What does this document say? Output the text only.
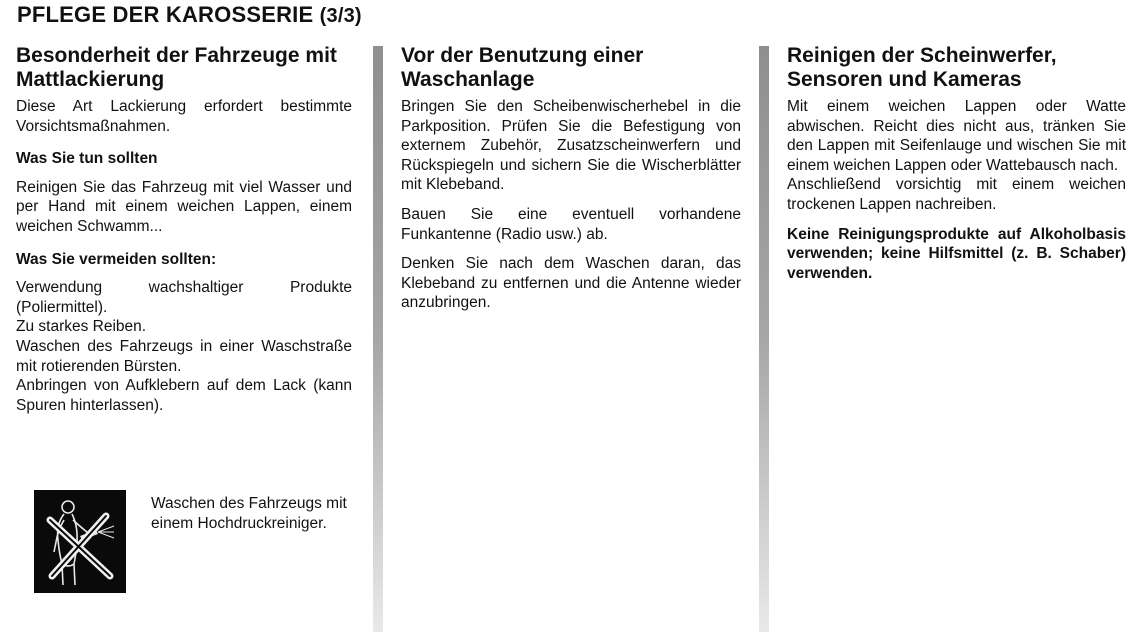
PFLEGE DER KAROSSERIE (3/3)
Besonderheit der Fahrzeuge mit Mattlackierung

Diese Art Lackierung erfordert bestimmte Vorsichtsmaßnahmen.

Was Sie tun sollten

Reinigen Sie das Fahrzeug mit viel Wasser und per Hand mit einem weichen Lappen, einem weichen Schwamm...

Was Sie vermeiden sollten:

Verwendung wachshaltiger Produkte (Poliermittel).

Zu starkes Reiben.

Waschen des Fahrzeugs in einer Waschstraße mit rotierenden Bürsten.

Anbringen von Aufklebern auf dem Lack (kann Spuren hinterlassen).

Waschen des Fahrzeugs mit einem Hochdruckreiniger.
Vor der Benutzung einer Waschanlage

Bringen Sie den Scheibenwischerhebel in die Parkposition. Prüfen Sie die Befestigung von externem Zubehör, Zusatzscheinwerfern und Rückspiegeln und sichern Sie die Wischerblätter mit Klebeband.

Bauen Sie eine eventuell vorhandene Funkantenne (Radio usw.) ab.

Denken Sie nach dem Waschen daran, das Klebeband zu entfernen und die Antenne wieder anzubringen.

Reinigen der Scheinwerfer, Sensoren und Kameras

Mit einem weichen Lappen oder Watte abwischen. Reicht dies nicht aus, tränken Sie den Lappen mit Seifenlauge und wischen Sie mit einem weichen Lappen oder Wattebausch nach.

Anschließend vorsichtig mit einem weichen trockenen Lappen nachreiben.

Keine Reinigungsprodukte auf Alkoholbasis verwenden; keine Hilfsmittel (z. B. Schaber) verwenden.
